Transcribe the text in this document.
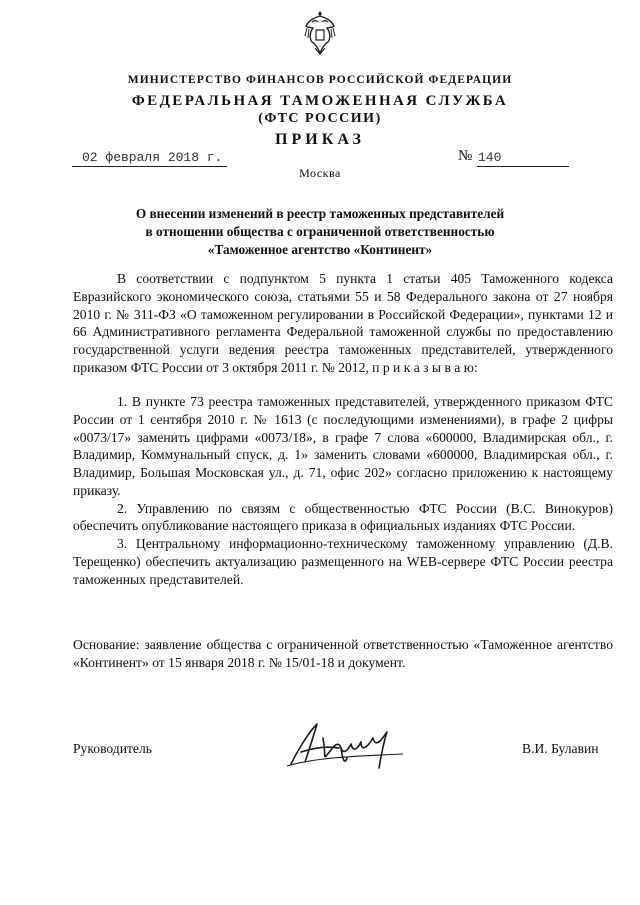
МИНИСТЕРСТВО ФИНАНСОВ РОССИЙСКОЙ ФЕДЕРАЦИИ
ФЕДЕРАЛЬНАЯ ТАМОЖЕННАЯ СЛУЖБА
(ФТС РОССИИ)
ПРИКАЗ
02 февраля 2018 г.	№ 140
Москва
О внесении изменений в реестр таможенных представителей
в отношении общества с ограниченной ответственностью
«Таможенное агентство «Континент»

В соответствии с подпунктом 5 пункта 1 статьи 405 Таможенного кодекса Евразийского экономического союза, статьями 55 и 58 Федерального закона от 27 ноября 2010 г. № 311-ФЗ «О таможенном регулировании в Российской Федерации», пунктами 12 и 66 Административного регламента Федеральной таможенной службы по предоставлению государственной услуги ведения реестра таможенных представителей, утвержденного приказом ФТС России от 3 октября 2011 г. № 2012, п р и к а з ы в а ю:

1. В пункте 73 реестра таможенных представителей, утвержденного приказом ФТС России от 1 сентября 2010 г. № 1613 (с последующими изменениями), в графе 2 цифры «0073/17» заменить цифрами «0073/18», в графе 7 слова «600000, Владимирская обл., г. Владимир, Коммунальный спуск, д. 1» заменить словами «600000, Владимирская обл., г. Владимир, Большая Московская ул., д. 71, офис 202» согласно приложению к настоящему приказу.

2. Управлению по связям с общественностью ФТС России (В.С. Винокуров) обеспечить опубликование настоящего приказа в официальных изданиях ФТС России.

3. Центральному информационно-техническому таможенному управлению (Д.В. Терещенко) обеспечить актуализацию размещенного на WEB-сервере ФТС России реестра таможенных представителей.

Основание: заявление общества с ограниченной ответственностью «Таможенное агентство «Континент» от 15 января 2018 г. № 15/01-18 и документ.
Руководитель	В.И. Булавин
